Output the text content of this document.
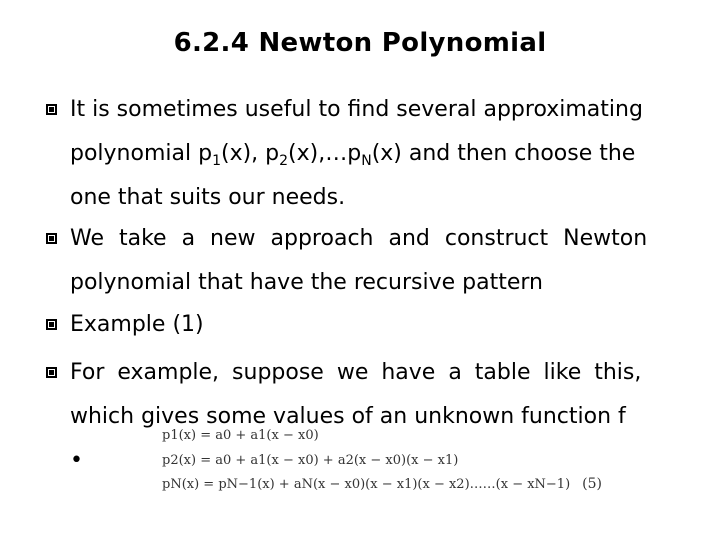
6.2.4 Newton Polynomial
It is sometimes useful to find several approximating
polynomial $p_1(x)$, $p_2(x),\dots p_N(x)$ and then choose the
one that suits our needs.
We take a new approach and construct Newton
polynomial that have the recursive pattern
Example (1)
For example, suppose we have a table like this,
which gives some values of an unknown function f
•
p1(x) = a0 + a1(x − x0)
p2(x) = a0 + a1(x − x0) + a2(x − x0)(x − x1)
pN(x) = pN−1(x) + aN(x − x0)(x − x1)(x − x2)……(x − xN−1) (5)
